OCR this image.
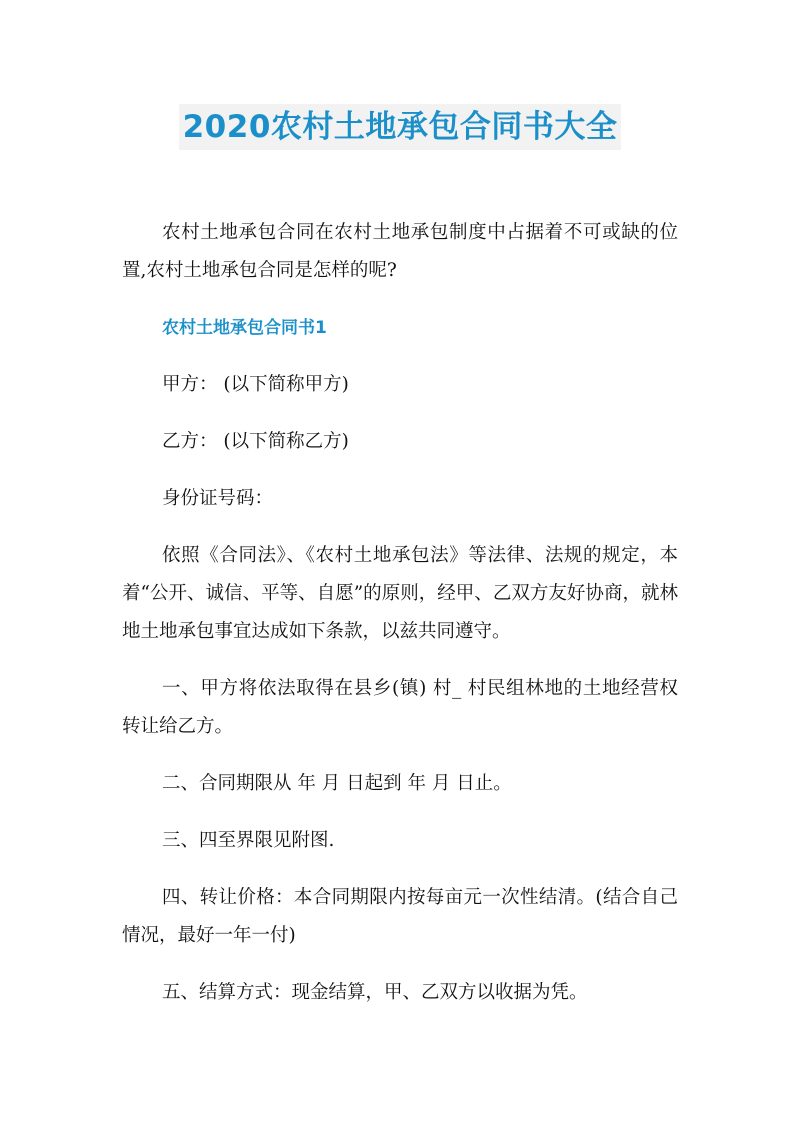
2020农村土地承包合同书大全

农村土地承包合同在农村土地承包制度中占据着不可或缺的位置,农村土地承包合同是怎样的呢?

农村土地承包合同书1

甲方： (以下简称甲方)

乙方： (以下简称乙方)

身份证号码：

依照《合同法》、《农村土地承包法》等法律、法规的规定，本着“公开、诚信、平等、自愿”的原则，经甲、乙双方友好协商，就林地土地承包事宜达成如下条款，以兹共同遵守。

一、甲方将依法取得在县乡(镇) 村_ 村民组林地的土地经营权转让给乙方。

二、合同期限从 年 月 日起到 年 月 日止。

三、四至界限见附图.

四、转让价格：本合同期限内按每亩元一次性结清。(结合自己情况，最好一年一付)

五、结算方式：现金结算，甲、乙双方以收据为凭。
